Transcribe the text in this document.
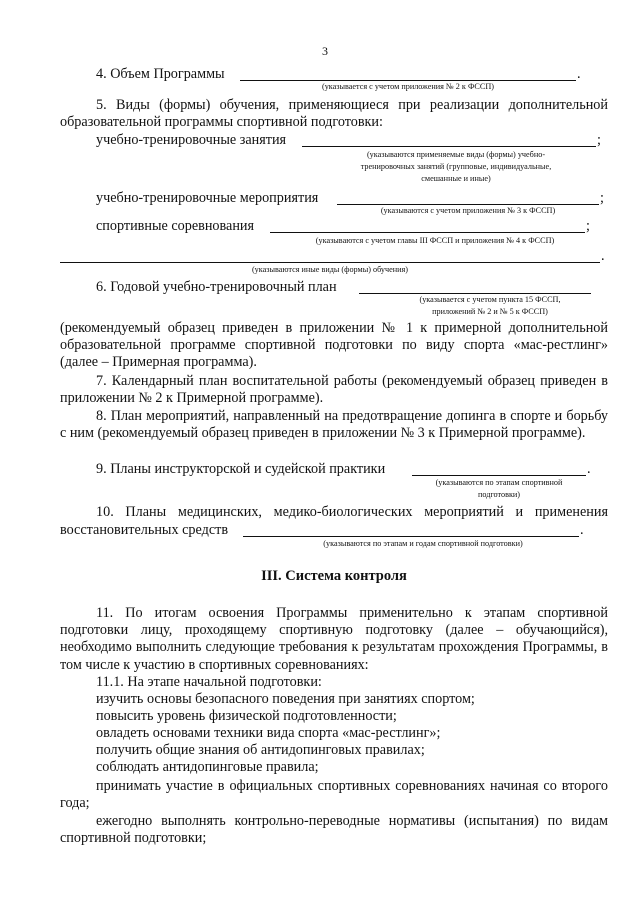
3
4. Объем Программы	.
(указывается с учетом приложения № 2 к ФССП)
5. Виды (формы) обучения, применяющиеся при реализации дополнительной образовательной программы спортивной подготовки:
учебно-тренировочные занятия	;
(указываются применяемые виды (формы) учебно-
тренировочных занятий (групповые, индивидуальные,
смешанные и иные)
учебно-тренировочные мероприятия	;
(указываются с учетом приложения № 3 к ФССП)
спортивные соревнования	;
(указываются с учетом главы III ФССП и приложения № 4 к ФССП)
.
(указываются иные виды (формы) обучения)
6. Годовой учебно-тренировочный план
(указывается с учетом пункта 15 ФССП,
приложений № 2 и № 5 к ФССП)
(рекомендуемый образец приведен в приложении № 1 к примерной дополнительной образовательной программе спортивной подготовки по виду спорта «мас-рестлинг» (далее – Примерная программа).
7. Календарный план воспитательной работы (рекомендуемый образец приведен в приложении № 2 к Примерной программе).
8. План мероприятий, направленный на предотвращение допинга в спорте и борьбу с ним (рекомендуемый образец приведен в приложении № 3 к Примерной программе).
9. Планы инструкторской и судейской практики	.
(указываются по этапам спортивной
подготовки)
10. Планы медицинских, медико-биологических мероприятий и применения
восстановительных средств	.
(указываются по этапам и годам спортивной подготовки)
III. Система контроля
11. По итогам освоения Программы применительно к этапам спортивной подготовки лицу, проходящему спортивную подготовку (далее – обучающийся), необходимо выполнить следующие требования к результатам прохождения Программы, в том числе к участию в спортивных соревнованиях:
11.1. На этапе начальной подготовки:
изучить основы безопасного поведения при занятиях спортом;
повысить уровень физической подготовленности;
овладеть основами техники вида спорта «мас-рестлинг»;
получить общие знания об антидопинговых правилах;
соблюдать антидопинговые правила;
принимать участие в официальных спортивных соревнованиях начиная со второго года;
ежегодно выполнять контрольно-переводные нормативы (испытания) по видам спортивной подготовки;
